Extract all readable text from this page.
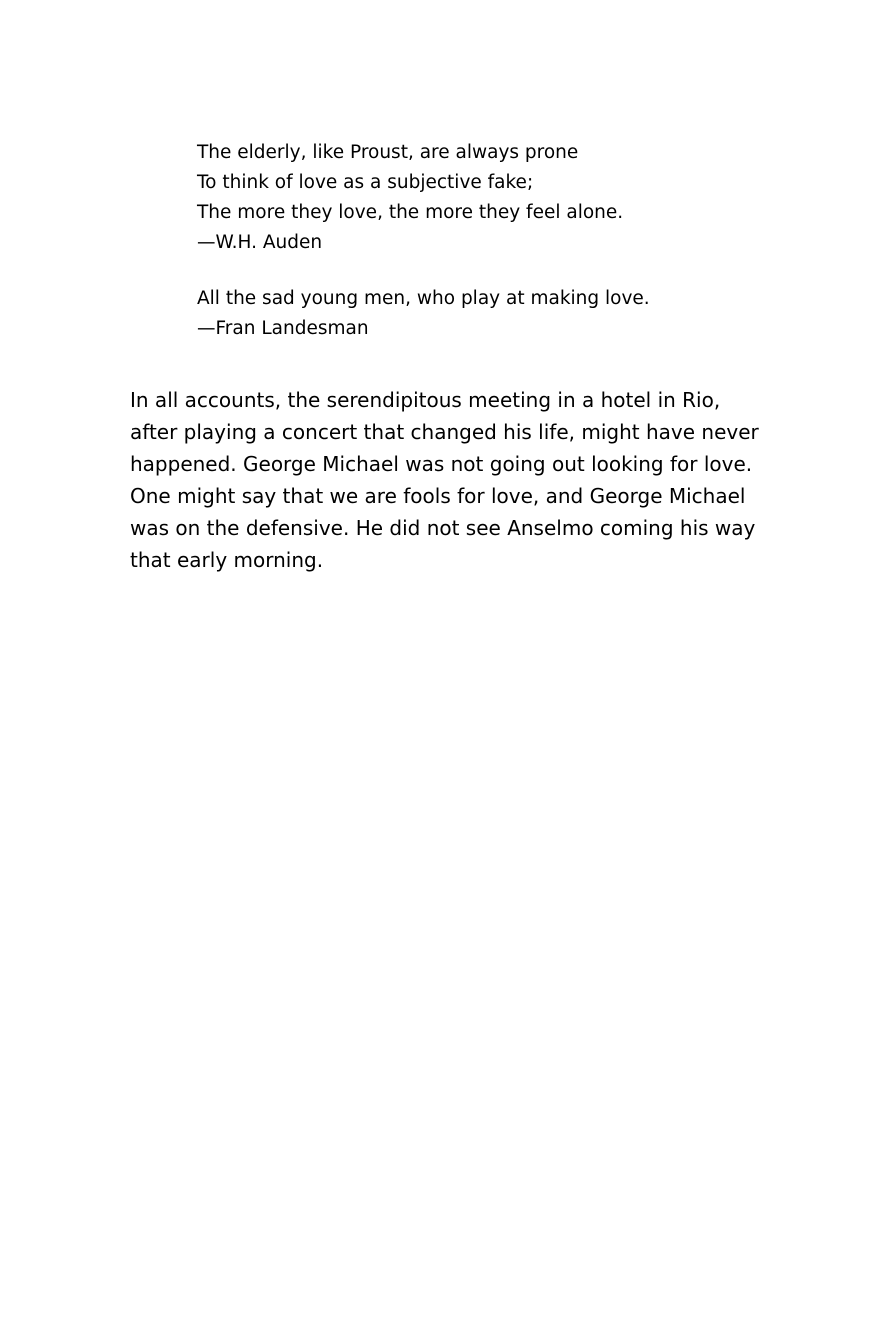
The elderly, like Proust, are always prone
To think of love as a subjective fake;
The more they love, the more they feel alone.
—W.H. Auden
All the sad young men, who play at making love.
—Fran Landesman
In all accounts, the serendipitous meeting in a hotel in Rio, after playing a concert that changed his life, might have never happened. George Michael was not going out looking for love. One might say that we are fools for love, and George Michael was on the defensive. He did not see Anselmo coming his way that early morning.
